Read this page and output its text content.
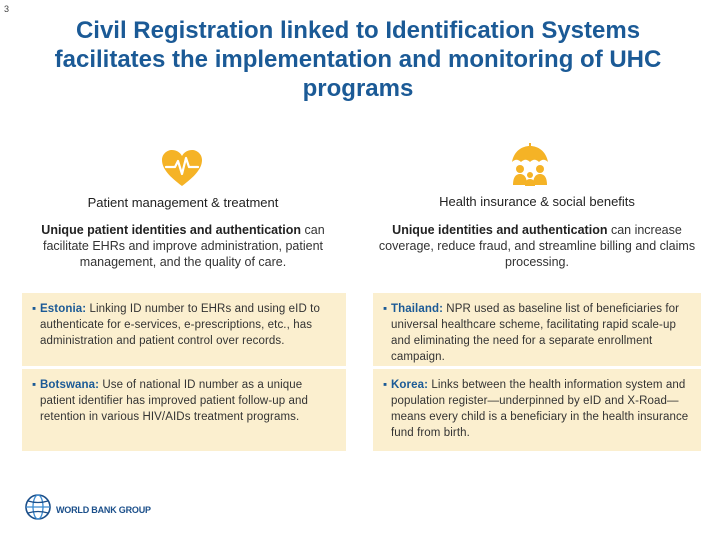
3
Civil Registration linked to Identification Systems facilitates the implementation and monitoring of UHC programs
Patient management & treatment	Health insurance & social benefits
Unique patient identities and authentication can facilitate EHRs and improve administration, patient management, and the quality of care.
Unique identities and authentication can increase coverage, reduce fraud, and streamline billing and claims processing.
▪ Estonia: Linking ID number to EHRs and using eID to authenticate for e-services, e-prescriptions, etc., has administration and patient control over records.
▪ Botswana: Use of national ID number as a unique patient identifier has improved patient follow-up and retention in various HIV/AIDs treatment programs.
▪ Thailand: NPR used as baseline list of beneficiaries for universal healthcare scheme, facilitating rapid scale-up and eliminating the need for a separate enrollment campaign.
▪ Korea: Links between the health information system and population register—underpinned by eID and X-Road—means every child is a beneficiary in the health insurance fund from birth.
WORLD BANK GROUP
